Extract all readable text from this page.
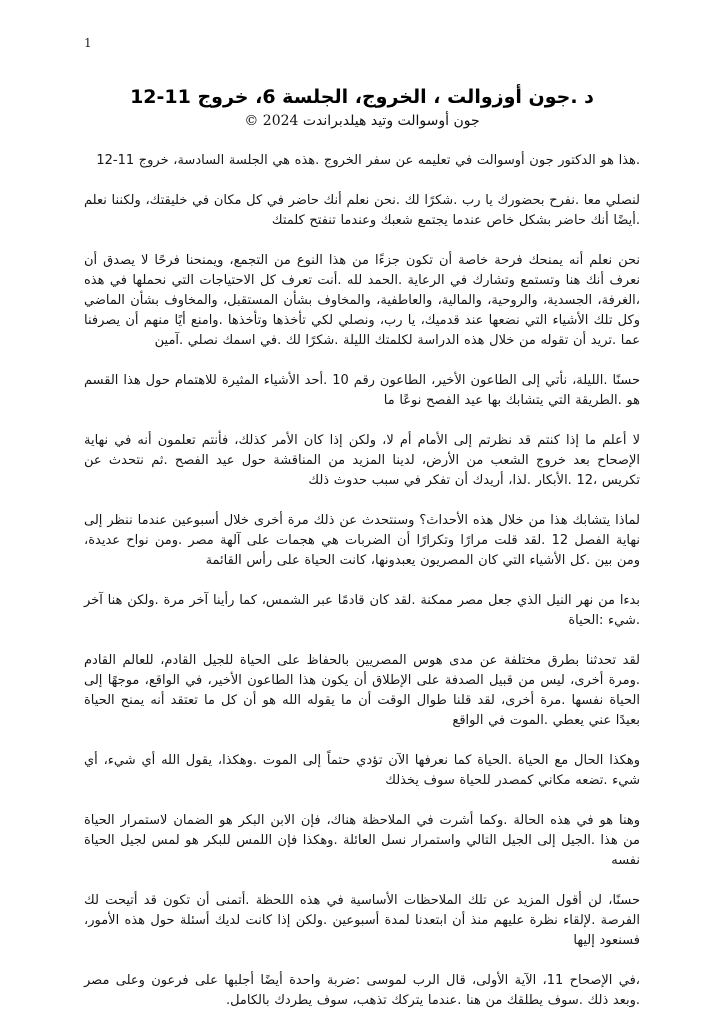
1
د .جون أوزوالت ، الخروج، الجلسة 6، خروج 11-12
جون أوسوالت وتيد هيلدبراندت 2024 ©

.هذا هو الدكتور جون أوسوالت في تعليمه عن سفر الخروج .هذه هي الجلسة السادسة، خروج 11-12

لنصلي معا .نفرح بحضورك يا رب .شكرًا لك .نحن نعلم أنك حاضر في كل مكان في خليقتك، ولكننا نعلم .أيضًا أنك حاضر بشكل خاص عندما يجتمع شعبك وعندما تنفتح كلمتك

نحن نعلم أنه يمنحك فرحة خاصة أن تكون جزءًا من هذا النوع من التجمع، ويمنحنا فرحًا لا يصدق أن نعرف أنك هنا وتستمع وتشارك في الرعاية .الحمد لله .أنت تعرف كل الاحتياجات التي نحملها في هذه ،الغرفة، الجسدية، والروحية، والمالية، والعاطفية، والمخاوف بشأن المستقبل، والمخاوف بشأن الماضي وكل تلك الأشياء التي نضعها عند قدميك، يا رب، ونصلي لكي تأخذها وتأخذها .وامنع أيًا منهم أن يصرفنا عما .تريد أن تقوله من خلال هذه الدراسة لكلمتك الليلة .شكرًا لك .في اسمك نصلي .آمين

حسنًا .الليلة، نأتي إلى الطاعون الأخير، الطاعون رقم 10 .أحد الأشياء المثيرة للاهتمام حول هذا القسم هو .الطريقة التي يتشابك بها عيد الفصح نوعًا ما

لا أعلم ما إذا كنتم قد نظرتم إلى الأمام أم لا، ولكن إذا كان الأمر كذلك، فأنتم تعلمون أنه في نهاية الإصحاح بعد خروج الشعب من الأرض، لدينا المزيد من المناقشة حول عيد الفصح .ثم نتحدث عن تكريس ،12 .الأبكار .لذا، أريدك أن تفكر في سبب حدوث ذلك

لماذا يتشابك هذا من خلال هذه الأحداث؟ وسنتحدث عن ذلك مرة أخرى خلال أسبوعين عندما ننظر إلى نهاية الفصل 12 .لقد قلت مرارًا وتكرارًا أن الضربات هي هجمات على آلهة مصر .ومن نواح عديدة، ومن بين .كل الأشياء التي كان المصريون يعبدونها، كانت الحياة على رأس القائمة

بدءا من نهر النيل الذي جعل مصر ممكنة .لقد كان قادمًا عبر الشمس، كما رأينا آخر مرة .ولكن هنا آخر .شيء :الحياة

لقد تحدثنا بطرق مختلفة عن مدى هوس المصريين بالحفاظ على الحياة للجيل القادم، للعالم القادم .ومرة أخرى، ليس من قبيل الصدفة على الإطلاق أن يكون هذا الطاعون الأخير، في الواقع، موجهًا إلى الحياة نفسها .مرة أخرى، لقد قلنا طوال الوقت أن ما يقوله الله هو أن كل ما تعتقد أنه يمنح الحياة بعيدًا عني يعطي .الموت في الواقع

وهكذا الحال مع الحياة .الحياة كما نعرفها الآن تؤدي حتماً إلى الموت .وهكذا، يقول الله أي شيء، أي شيء .تضعه مكاني كمصدر للحياة سوف يخذلك

وهنا هو في هذه الحالة .وكما أشرت في الملاحظة هناك، فإن الابن البكر هو الضمان لاستمرار الحياة من هذا .الجيل إلى الجيل التالي واستمرار نسل العائلة .وهكذا فإن اللمس للبكر هو لمس لجيل الحياة نفسه

حسنًا، لن أقول المزيد عن تلك الملاحظات الأساسية في هذه اللحظة .أتمنى أن تكون قد أتيحت لك الفرصة .لإلقاء نظرة عليهم منذ أن ابتعدنا لمدة أسبوعين .ولكن إذا كانت لديك أسئلة حول هذه الأمور، فسنعود إليها

،في الإصحاح 11، الآية الأولى، قال الرب لموسى :ضربة واحدة أيضًا أجلبها على فرعون وعلى مصر .وبعد ذلك .سوف يطلقك من هنا .عندما يتركك تذهب، سوف يطردك بالكامل.
